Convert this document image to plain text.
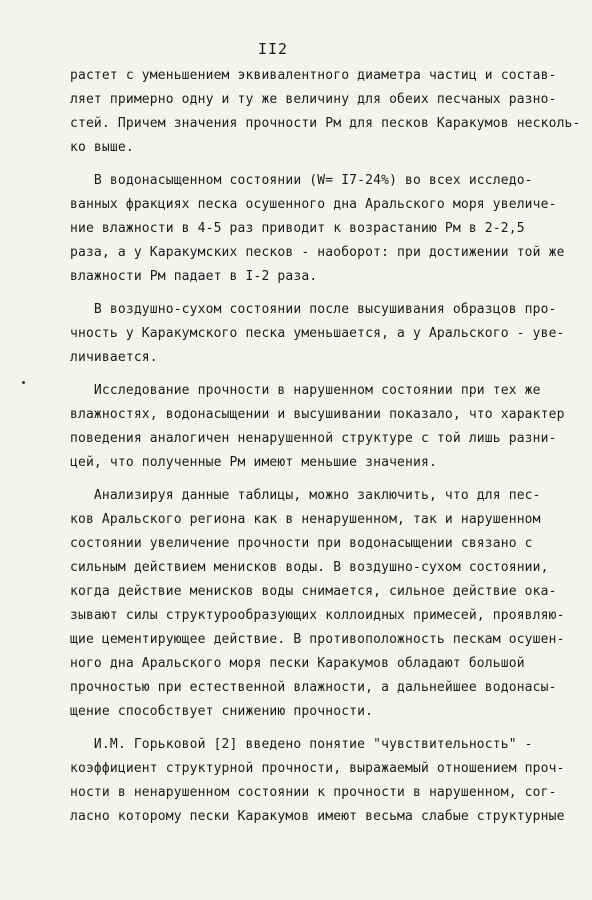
II2
растет с уменьшением эквивалентного диаметра частиц и состав-
ляет примерно одну и ту же величину для обеих песчаных разно-
стей. Причем значения прочности Рм для песков Каракумов несколь-
ко выше.
В водонасыщенном состоянии (W= I7-24%) во всех исследо-
ванных фракциях песка осушенного дна Аральского моря увеличе-
ние влажности в 4-5 раз приводит к возрастанию Рм в 2-2,5
раза, а у Каракумских песков - наоборот: при достижении той же
влажности Рм падает в I-2 раза.
В воздушно-сухом состоянии после высушивания образцов про-
чность у Каракумского песка уменьшается, а у Аральского - уве-
личивается.
Исследование прочности в нарушенном состоянии при тех же
влажностях, водонасыщении и высушивании показало, что характер
поведения аналогичен ненарушенной структуре с той лишь разни-
цей, что полученные Рм имеют меньшие значения.
Анализируя данные таблицы, можно заключить, что для пес-
ков Аральского региона как в ненарушенном, так и нарушенном
состоянии увеличение прочности при водонасыщении связано с
сильным действием менисков воды. В воздушно-сухом состоянии,
когда действие менисков воды снимается, сильное действие ока-
зывают силы структурообразующих коллоидных примесей, проявляю-
щие цементирующее действие. В противоположность пескам осушен-
ного дна Аральского моря пески Каракумов обладают большой
прочностью при естественной влажности, а дальнейшее водонасы-
щение способствует снижению прочности.
И.М. Горьковой [2] введено понятие "чувствительность" -
коэффициент структурной прочности, выражаемый отношением проч-
ности в ненарушенном состоянии к прочности в нарушенном, сог-
ласно которому пески Каракумов имеют весьма слабые структурные
